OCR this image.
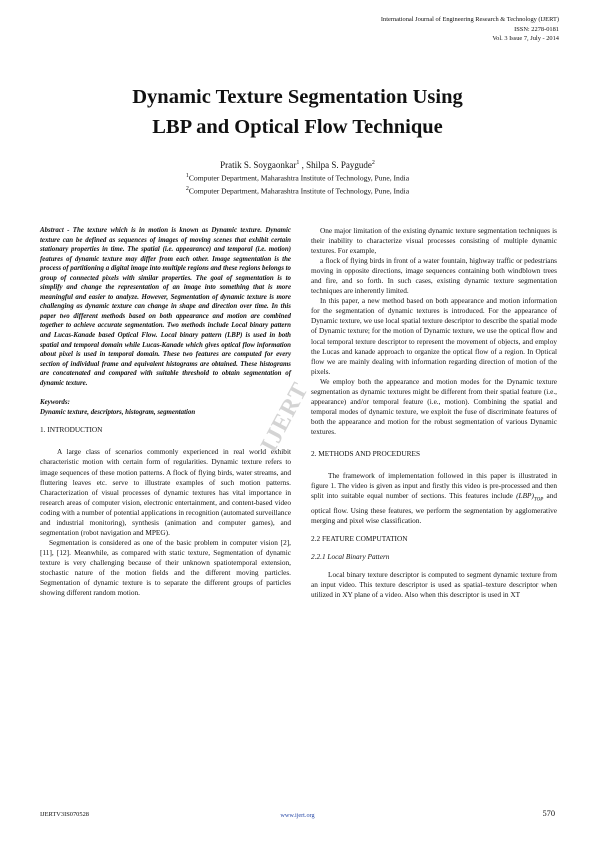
International Journal of Engineering Research & Technology (IJERT)
ISSN: 2278-0181
Vol. 3 Issue 7, July - 2014
Dynamic Texture Segmentation Using
LBP and Optical Flow Technique
Pratik S. Soygaonkar$^1$ , Shilpa S. Paygude$^2$
$^1$Computer Department, Maharashtra Institute of Technology, Pune, India
$^2$Computer Department, Maharashtra Institute of Technology, Pune, India

Abstract - The texture which is in motion is known as Dynamic texture. Dynamic texture can be defined as sequences of images of moving scenes that exhibit certain stationary properties in time. The spatial (i.e. appearance) and temporal (i.e. motion) features of dynamic texture may differ from each other. Image segmentation is the process of partitioning a digital image into multiple regions and these regions belongs to group of connected pixels with similar properties. The goal of segmentation is to simplify and change the representation of an image into something that is more meaningful and easier to analyze. However, Segmentation of dynamic texture is more challenging as dynamic texture can change in shape and direction over time. In this paper two different methods based on both appearance and motion are combined together to achieve accurate segmentation. Two methods include Local binary pattern and Lucas-Kanade based Optical Flow. Local binary pattern (LBP) is used in both spatial and temporal domain while Lucas-Kanade which gives optical flow information about pixel is used in temporal domain. These two features are computed for every section of individual frame and equivalent histograms are obtained. These histograms are concatenated and compared with suitable threshold to obtain segmentation of dynamic texture.

Keywords:

Dynamic texture, descriptors, histogram, segmentation

1. INTRODUCTION

A large class of scenarios commonly experienced in real world exhibit characteristic motion with certain form of regularities. Dynamic texture refers to image sequences of these motion patterns. A flock of flying birds, water streams, and fluttering leaves etc. serve to illustrate examples of such motion patterns. Characterization of visual processes of dynamic textures has vital importance in research areas of computer vision, electronic entertainment, and content-based video coding with a number of potential applications in recognition (automated surveillance and industrial monitoring), synthesis (animation and computer games), and segmentation (robot navigation and MPEG).

Segmentation is considered as one of the basic problem in computer vision [2], [11], [12]. Meanwhile, as compared with static texture, Segmentation of dynamic texture is very challenging because of their unknown spatiotemporal extension, stochastic nature of the motion fields and the different moving particles. Segmentation of dynamic texture is to separate the different groups of particles showing different random motion.

IJERT

One major limitation of the existing dynamic texture segmentation techniques is their inability to characterize visual processes consisting of multiple dynamic textures. For example,

a flock of flying birds in front of a water fountain, highway traffic or pedestrians moving in opposite directions, image sequences containing both windblown trees and fire, and so forth. In such cases, existing dynamic texture segmentation techniques are inherently limited.

In this paper, a new method based on both appearance and motion information for the segmentation of dynamic textures is introduced. For the appearance of Dynamic texture, we use local spatial texture descriptor to describe the spatial mode of Dynamic texture; for the motion of Dynamic texture, we use the optical flow and local temporal texture descriptor to represent the movement of objects, and employ the Lucas and kanade approach to organize the optical flow of a region. In Optical flow we are mainly dealing with information regarding direction of motion of the pixels.

We employ both the appearance and motion modes for the Dynamic texture segmentation as dynamic textures might be different from their spatial feature (i.e., appearance) and/or temporal feature (i.e., motion). Combining the spatial and temporal modes of dynamic texture, we exploit the fuse of discriminate features of both the appearance and motion for the robust segmentation of various Dynamic textures.

2. METHODS AND PROCEDURES

The framework of implementation followed in this paper is illustrated in figure 1. The video is given as input and firstly this video is pre-processed and then split into suitable equal number of sections. This features include $(LBP)_{TOP}$ and optical flow. Using these features, we perform the segmentation by agglomerative merging and pixel wise classification.

2.2 FEATURE COMPUTATION

2.2.1 Local Binary Pattern

Local binary texture descriptor is computed to segment dynamic texture from an input video. This texture descriptor is used as spatial–texture descriptor when utilized in XY plane of a video. Also when this descriptor is used in XT

IJERTV3IS070528	www.ijert.org	570
